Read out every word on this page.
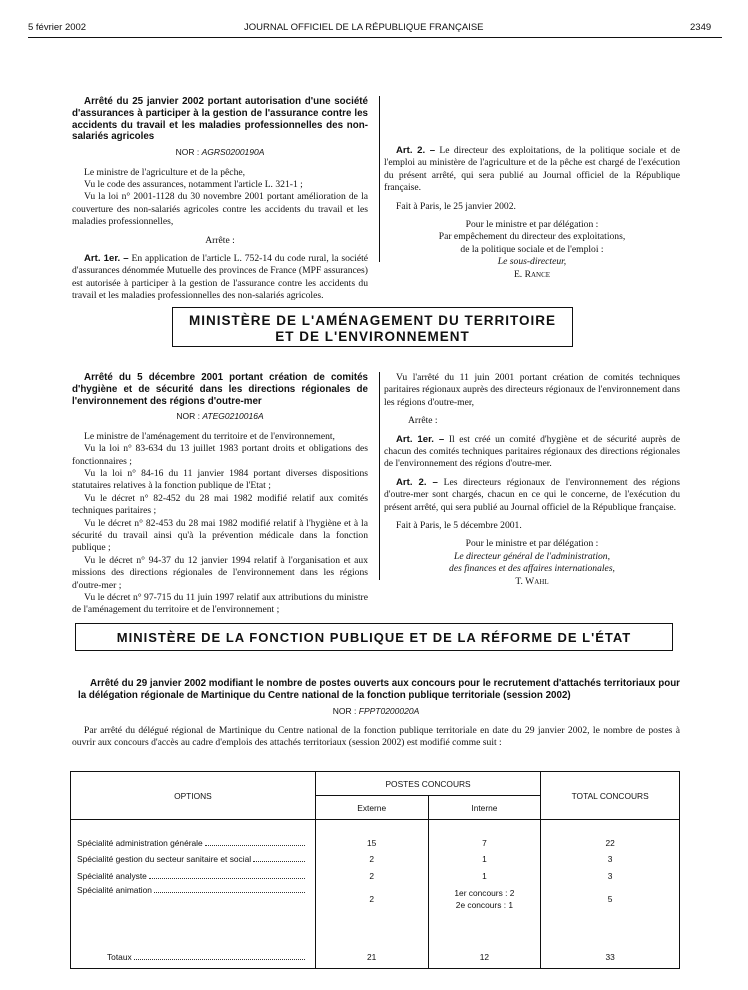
5 février 2002	JOURNAL OFFICIEL DE LA RÉPUBLIQUE FRANÇAISE	2349

Arrêté du 25 janvier 2002 portant autorisation d'une société d'assurances à participer à la gestion de l'assurance contre les accidents du travail et les maladies professionnelles des non-salariés agricoles

NOR : AGRS0200190A

Le ministre de l'agriculture et de la pêche,

Vu le code des assurances, notamment l'article L. 321-1 ;

Vu la loi n° 2001-1128 du 30 novembre 2001 portant amélioration de la couverture des non-salariés agricoles contre les accidents du travail et les maladies professionnelles,

Arrête :

Art. 1er. – En application de l'article L. 752-14 du code rural, la société d'assurances dénommée Mutuelle des provinces de France (MPF assurances) est autorisée à participer à la gestion de l'assurance contre les accidents du travail et les maladies professionnelles des non-salariés agricoles.

Art. 2. – Le directeur des exploitations, de la politique sociale et de l'emploi au ministère de l'agriculture et de la pêche est chargé de l'exécution du présent arrêté, qui sera publié au Journal officiel de la République française.

Fait à Paris, le 25 janvier 2002.

Pour le ministre et par délégation :

Par empêchement du directeur des exploitations,

de la politique sociale et de l'emploi :

Le sous-directeur,

E. Rance

MINISTÈRE DE L'AMÉNAGEMENT DU TERRITOIRE
ET DE L'ENVIRONNEMENT

Arrêté du 5 décembre 2001 portant création de comités d'hygiène et de sécurité dans les directions régionales de l'environnement des régions d'outre-mer

NOR : ATEG0210016A

Le ministre de l'aménagement du territoire et de l'environnement,

Vu la loi n° 83-634 du 13 juillet 1983 portant droits et obligations des fonctionnaires ;

Vu la loi n° 84-16 du 11 janvier 1984 portant diverses dispositions statutaires relatives à la fonction publique de l'Etat ;

Vu le décret n° 82-452 du 28 mai 1982 modifié relatif aux comités techniques paritaires ;

Vu le décret n° 82-453 du 28 mai 1982 modifié relatif à l'hygiène et à la sécurité du travail ainsi qu'à la prévention médicale dans la fonction publique ;

Vu le décret n° 94-37 du 12 janvier 1994 relatif à l'organisation et aux missions des directions régionales de l'environnement dans les régions d'outre-mer ;

Vu le décret n° 97-715 du 11 juin 1997 relatif aux attributions du ministre de l'aménagement du territoire et de l'environnement ;

Vu l'arrêté du 11 juin 2001 portant création de comités techniques paritaires régionaux auprès des directeurs régionaux de l'environnement dans les régions d'outre-mer,

Arrête :

Art. 1er. – Il est créé un comité d'hygiène et de sécurité auprès de chacun des comités techniques paritaires régionaux des directions régionales de l'environnement des régions d'outre-mer.

Art. 2. – Les directeurs régionaux de l'environnement des régions d'outre-mer sont chargés, chacun en ce qui le concerne, de l'exécution du présent arrêté, qui sera publié au Journal officiel de la République française.

Fait à Paris, le 5 décembre 2001.

Pour le ministre et par délégation :

Le directeur général de l'administration,

des finances et des affaires internationales,

T. Wahl

MINISTÈRE DE LA FONCTION PUBLIQUE ET DE LA RÉFORME DE L'ÉTAT

Arrêté du 29 janvier 2002 modifiant le nombre de postes ouverts aux concours pour le recrutement d'attachés territoriaux pour la délégation régionale de Martinique du Centre national de la fonction publique territoriale (session 2002)

NOR : FPPT0200020A

Par arrêté du délégué régional de Martinique du Centre national de la fonction publique territoriale en date du 29 janvier 2002, le nombre de postes à ouvrir aux concours d'accès au cadre d'emplois des attachés territoriaux (session 2002) est modifié comme suit :

OPTIONS	POSTES CONCOURS		TOTAL CONCOURS
	Externe	Interne	

Spécialité administration générale	15	7	22

Spécialité gestion du secteur sanitaire et social	2	1	3

Spécialité analyste	2	1	3

Spécialité animation	2	1er concours : 2
2e concours : 1	5

Totaux	21	12	33
